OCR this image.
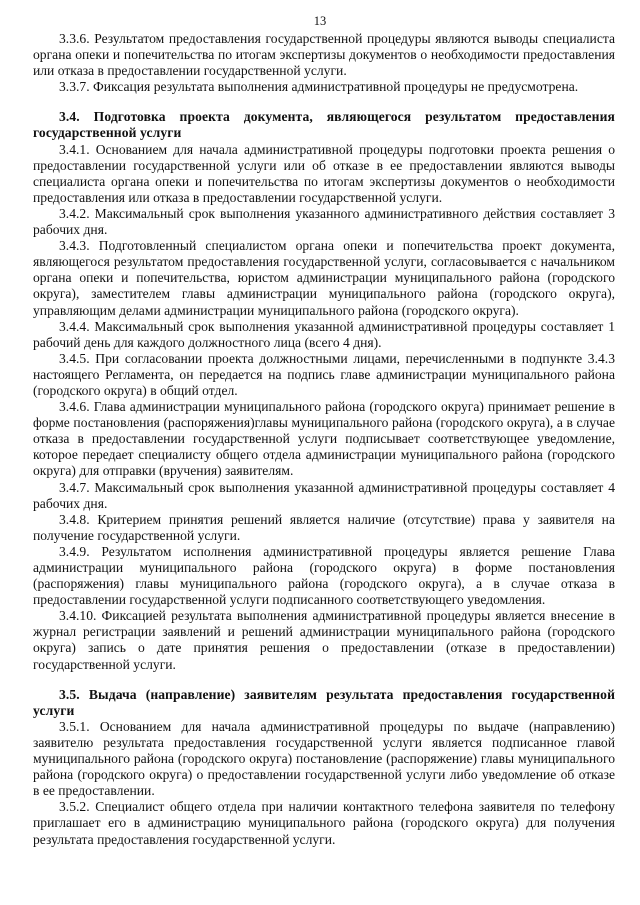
13

3.3.6. Результатом предоставления государственной процедуры являются выводы специалиста органа опеки и попечительства по итогам экспертизы документов о необходимости предоставления или отказа в предоставлении государственной услуги.

3.3.7. Фиксация результата выполнения административной процедуры не предусмотрена.

3.4. Подготовка проекта документа, являющегося результатом предоставления государственной услуги

3.4.1. Основанием для начала административной процедуры подготовки проекта решения о предоставлении государственной услуги или об отказе в ее предоставлении являются выводы специалиста органа опеки и попечительства по итогам экспертизы документов о необходимости предоставления или отказа в предоставлении государственной услуги.

3.4.2. Максимальный срок выполнения указанного административного действия составляет 3 рабочих дня.

3.4.3. Подготовленный специалистом органа опеки и попечительства проект документа, являющегося результатом предоставления государственной услуги, согласовывается с начальником органа опеки и попечительства, юристом администрации муниципального района (городского округа), заместителем главы администрации муниципального района (городского округа), управляющим делами администрации муниципального района (городского округа).

3.4.4. Максимальный срок выполнения указанной административной процедуры составляет 1 рабочий день для каждого должностного лица (всего 4 дня).

3.4.5. При согласовании проекта должностными лицами, перечисленными в подпункте 3.4.3 настоящего Регламента, он передается на подпись главе администрации муниципального района (городского округа) в общий отдел.

3.4.6. Глава администрации муниципального района (городского округа) принимает решение в форме постановления (распоряжения)главы муниципального района (городского округа), а в случае отказа в предоставлении государственной услуги подписывает соответствующее уведомление, которое передает специалисту общего отдела администрации муниципального района (городского округа) для отправки (вручения) заявителям.

3.4.7. Максимальный срок выполнения указанной административной процедуры составляет 4 рабочих дня.

3.4.8. Критерием принятия решений является наличие (отсутствие) права у заявителя на получение государственной услуги.

3.4.9. Результатом исполнения административной процедуры является решение Глава администрации муниципального района (городского округа) в форме постановления (распоряжения) главы муниципального района (городского округа), а в случае отказа в предоставлении государственной услуги подписанного соответствующего уведомления.

3.4.10. Фиксацией результата выполнения административной процедуры является внесение в журнал регистрации заявлений и решений администрации муниципального района (городского округа) запись о дате принятия решения о предоставлении (отказе в предоставлении) государственной услуги.

3.5. Выдача (направление) заявителям результата предоставления государственной услуги

3.5.1. Основанием для начала административной процедуры по выдаче (направлению) заявителю результата предоставления государственной услуги является подписанное главой муниципального района (городского округа) постановление (распоряжение) главы муниципального района (городского округа) о предоставлении государственной услуги либо уведомление об отказе в ее предоставлении.

3.5.2. Специалист общего отдела при наличии контактного телефона заявителя по телефону приглашает его в администрацию муниципального района (городского округа) для получения результата предоставления государственной услуги.
